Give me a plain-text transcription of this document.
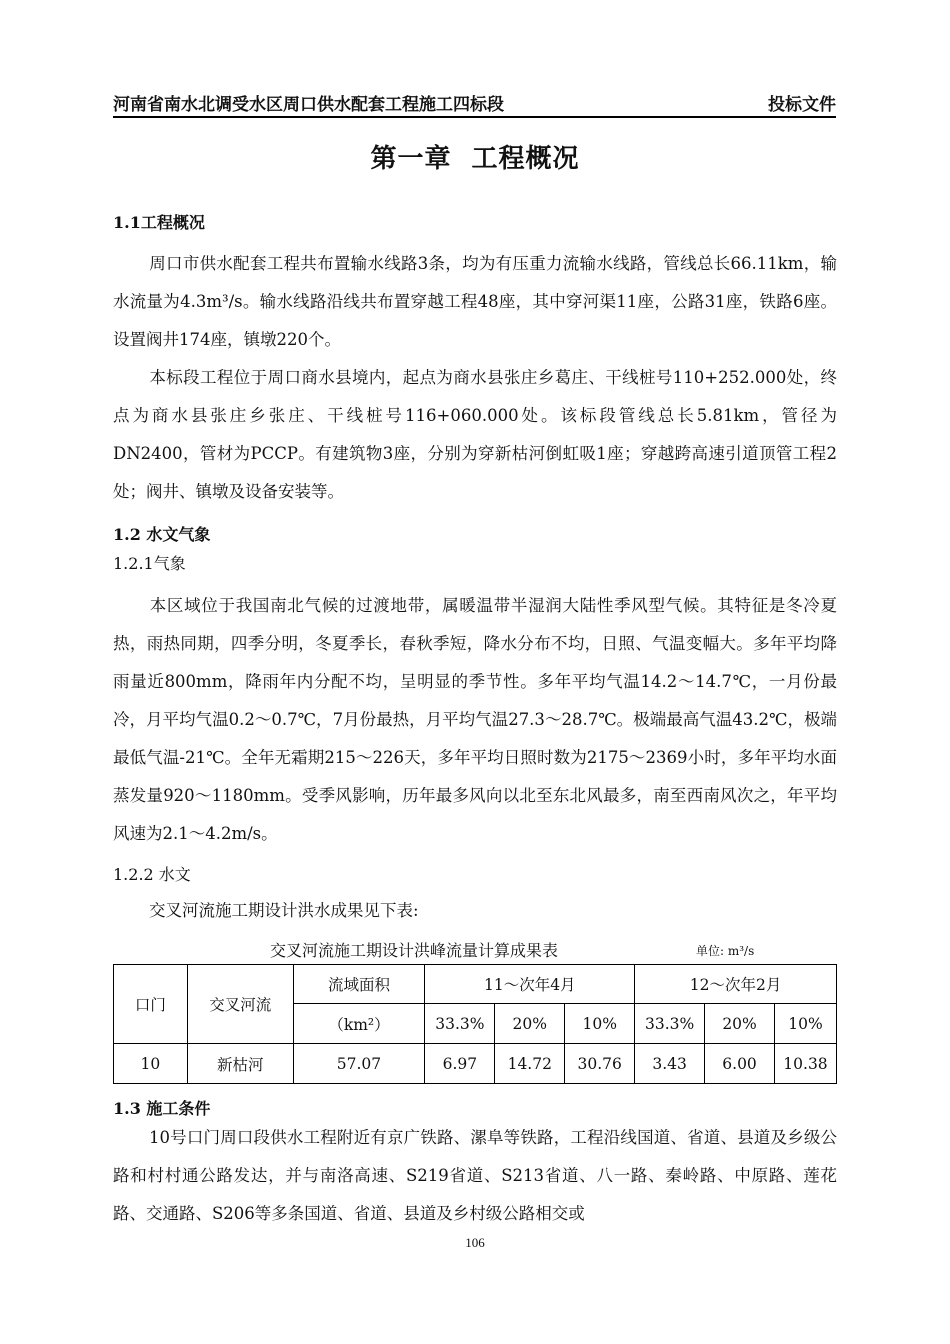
河南省南水北调受水区周口供水配套工程施工四标段	投标文件
第一章  工程概况
1.1工程概况
周口市供水配套工程共布置输水线路3条，均为有压重力流输水线路，管线总长66.11km，输水流量为4.3m³/s。输水线路沿线共布置穿越工程48座，其中穿河渠11座，公路31座，铁路6座。设置阀井174座，镇墩220个。
本标段工程位于周口商水县境内，起点为商水县张庄乡葛庄、干线桩号110+252.000处，终点为商水县张庄乡张庄、干线桩号116+060.000处。该标段管线总长5.81km，管径为DN2400，管材为PCCP。有建筑物3座，分别为穿新枯河倒虹吸1座；穿越跨高速引道顶管工程2处；阀井、镇墩及设备安装等。
1.2 水文气象
1.2.1气象
本区域位于我国南北气候的过渡地带，属暖温带半湿润大陆性季风型气候。其特征是冬冷夏热，雨热同期，四季分明，冬夏季长，春秋季短，降水分布不均，日照、气温变幅大。多年平均降雨量近800mm，降雨年内分配不均，呈明显的季节性。多年平均气温14.2～14.7℃，一月份最冷，月平均气温0.2～0.7℃，7月份最热，月平均气温27.3～28.7℃。极端最高气温43.2℃，极端最低气温-21℃。全年无霜期215～226天，多年平均日照时数为2175～2369小时，多年平均水面蒸发量920～1180mm。受季风影响，历年最多风向以北至东北风最多，南至西南风次之，年平均风速为2.1～4.2m/s。
1.2.2 水文
交叉河流施工期设计洪水成果见下表:
交叉河流施工期设计洪峰流量计算成果表	单位: m³/s
口门	交叉河流	流域面积	11～次年4月			12～次年2月		
		（km²）	33.3%	20%	10%	33.3%	20%	10%
10	新枯河	57.07	6.97	14.72	30.76	3.43	6.00	10.38
1.3 施工条件
10号口门周口段供水工程附近有京广铁路、漯阜等铁路，工程沿线国道、省道、县道及乡级公路和村村通公路发达，并与南洛高速、S219省道、S213省道、八一路、秦岭路、中原路、莲花路、交通路、S206等多条国道、省道、县道及乡村级公路相交或
106
